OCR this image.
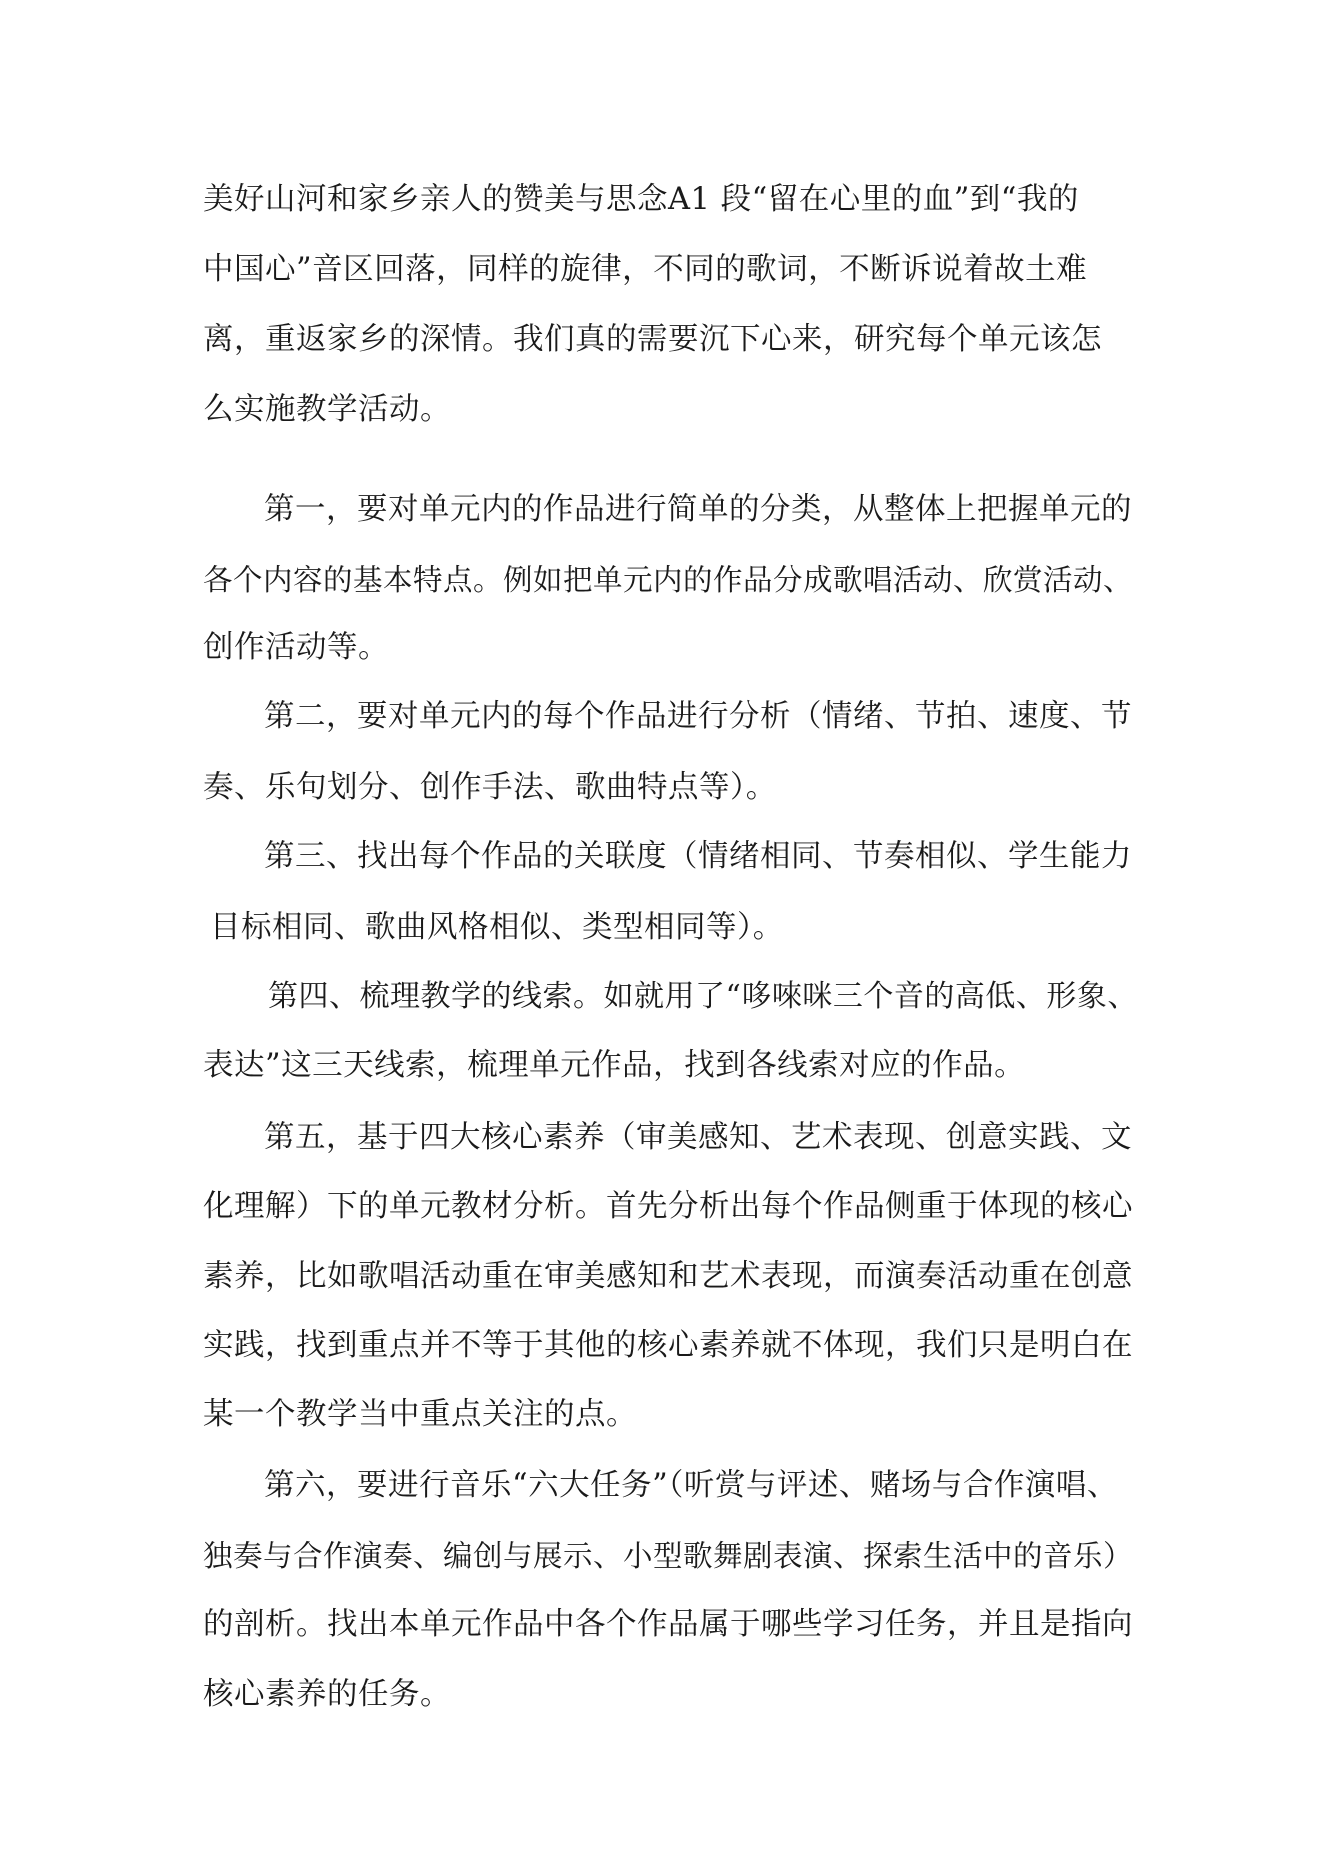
美好山河和家乡亲人的赞美与思念A1 段“留在心里的血”到“我的
中国心”音区回落，同样的旋律，不同的歌词，不断诉说着故土难
离，重返家乡的深情。我们真的需要沉下心来，研究每个单元该怎
么实施教学活动。
第一，要对单元内的作品进行简单的分类，从整体上把握单元的
各个内容的基本特点。例如把单元内的作品分成歌唱活动、欣赏活动、
创作活动等。
第二，要对单元内的每个作品进行分析（情绪、节拍、速度、节
奏、乐句划分、创作手法、歌曲特点等）。
第三、找出每个作品的关联度（情绪相同、节奏相似、学生能力
目标相同、歌曲风格相似、类型相同等）。
第四、梳理教学的线索。如就用了“哆唻咪三个音的高低、形象、
表达”这三天线索，梳理单元作品，找到各线索对应的作品。
第五，基于四大核心素养（审美感知、艺术表现、创意实践、文
化理解）下的单元教材分析。首先分析出每个作品侧重于体现的核心
素养，比如歌唱活动重在审美感知和艺术表现，而演奏活动重在创意
实践，找到重点并不等于其他的核心素养就不体现，我们只是明白在
某一个教学当中重点关注的点。
第六，要进行音乐“六大任务”（听赏与评述、赌场与合作演唱、
独奏与合作演奏、编创与展示、小型歌舞剧表演、探索生活中的音乐）
的剖析。找出本单元作品中各个作品属于哪些学习任务，并且是指向
核心素养的任务。
